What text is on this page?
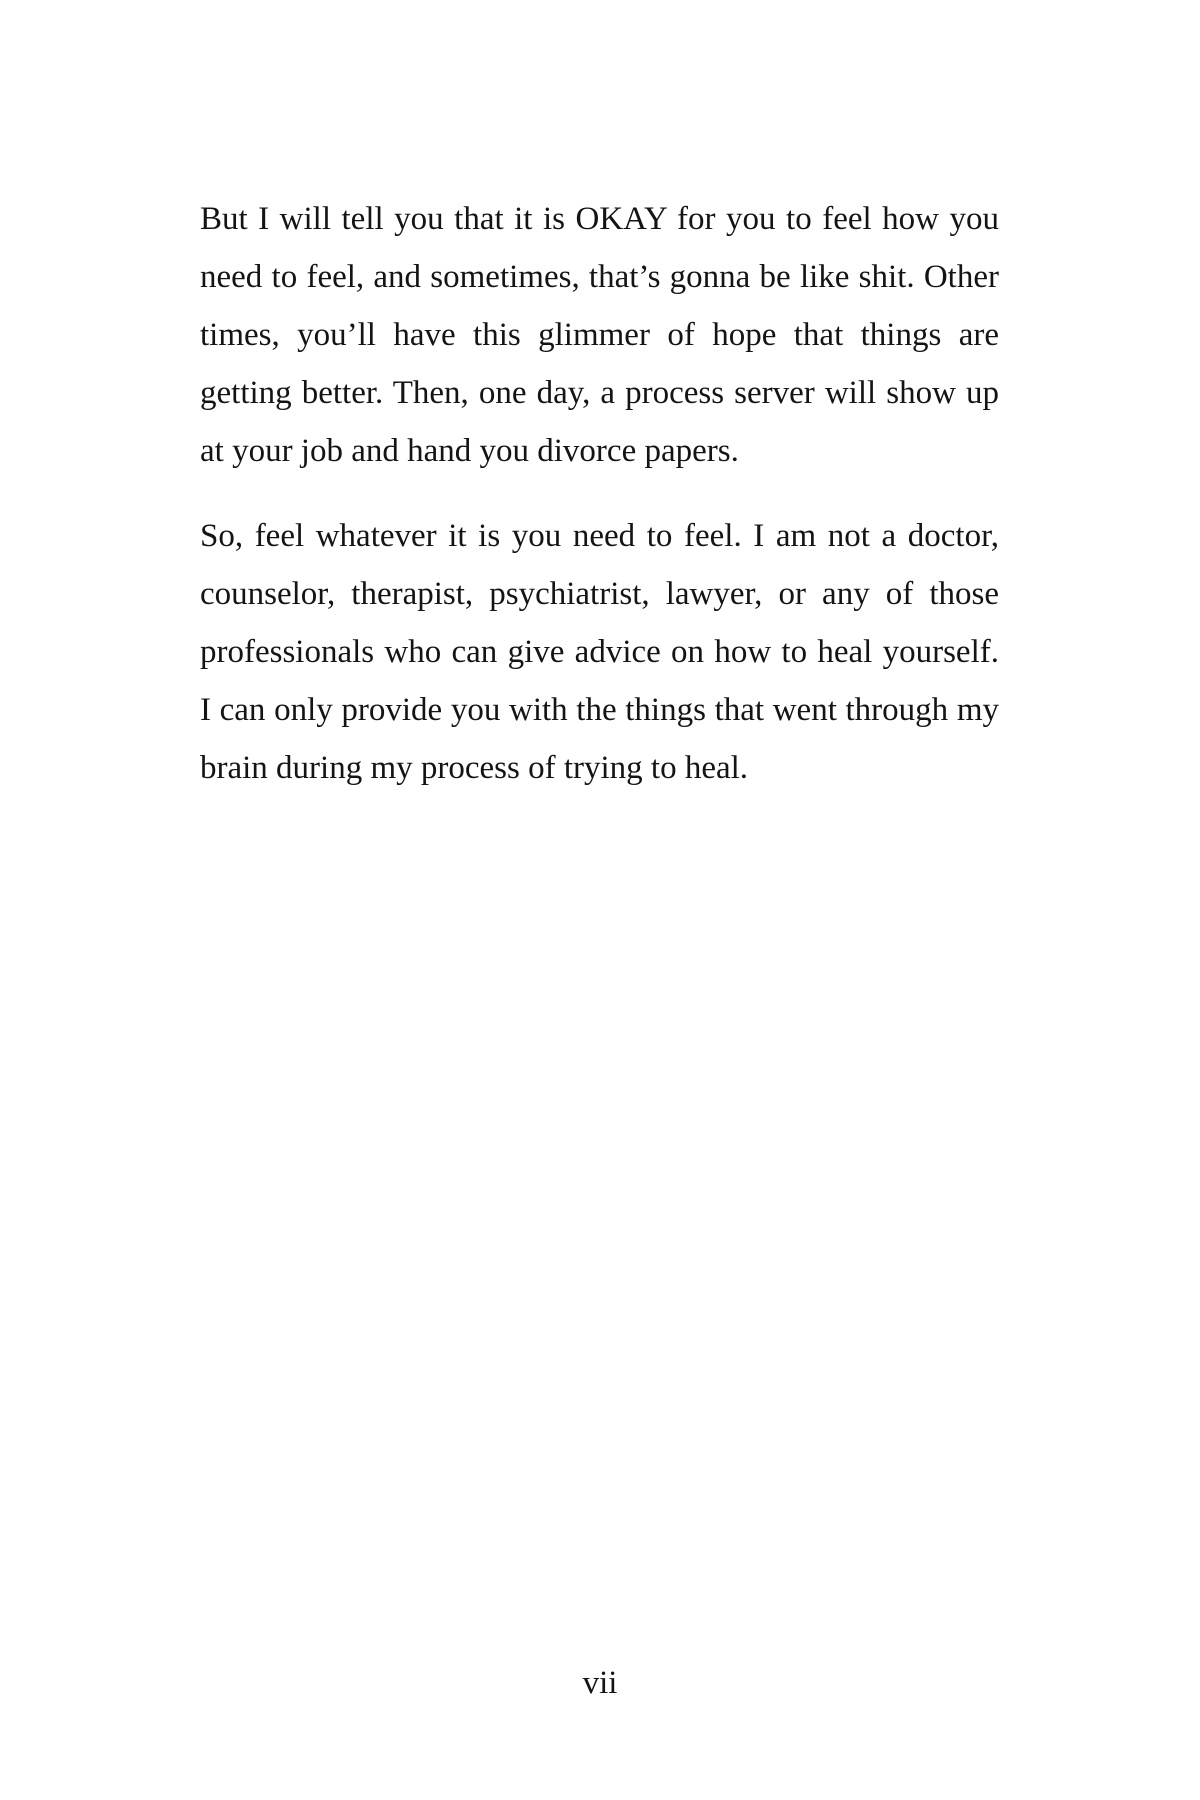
But I will tell you that it is OKAY for you to feel how you
need to feel, and sometimes, that’s gonna be like shit. Other
times, you’ll have this glimmer of hope that things are
getting better. Then, one day, a process server will show up
at your job and hand you divorce papers.
So, feel whatever it is you need to feel. I am not a doctor,
counselor, therapist, psychiatrist, lawyer, or any of those
professionals who can give advice on how to heal yourself.
I can only provide you with the things that went through my
brain during my process of trying to heal.
vii
